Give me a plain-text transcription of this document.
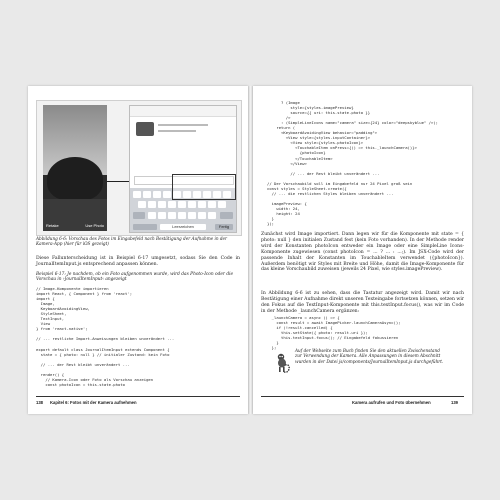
Retake	Use Photo	Leerzeichen	Fertig
Abbildung 6-6: Vorschau des Fotos im Eingabefeld nach Bestätigung der Aufnahme in der Kamera-App (hier für iOS gezeigt)
Diese Fallunterscheidung ist in Beispiel 6-17 umgesetzt, sodass Sie den Code in JournalItemInput.js entsprechend anpassen können.
Beispiel 6-17: Je nachdem, ob ein Foto aufgenommen wurde, wird das Photo-Icon oder die Vorschau in ›JournalItemInput‹ angezeigt
// Image-Komponente importieren
import React, { Component } from 'react';
import {
Image,
KeyboardAvoidingView,
StyleSheet,
TextInput,
View
} from 'react-native';

// ... restliche Import-Anweisungen bleiben unverändert ...

export default class JournalItemInput extends Component {
state = { photo: null } // initialer Zustand: kein Foto

// ... der Rest bleibt unverändert ...

render() {
// Kamera-Icon oder Foto als Vorschau anzeigen
const photoIcon = this.state.photo
138 Kapitel 6: Fotos mit der Kamera aufnehmen
? (Image
style={styles.imagePreview}
source={{ uri: this.state.photo }}
/>
: (SimpleLineIcons name="camera" size={24} color="deepskyblue" />);
return (
<KeyboardAvoidingView behavior="padding">
<View style={styles.inputContainer}>
<View style={styles.photoIcon}>
<TouchableItem onPress={() => this._launchCamera()}>
{photoIcon}
</TouchableItem>
</View>

// ... der Rest bleibt unverändert ...

// Der Vorschaubild soll im Eingabefeld nur 24 Pixel groß sein
const styles = StyleSheet.create({
// ... die restlichen Styles bleiben unverändert ...

imagePreview: {
width: 24,
height: 24
}
});
Zunächst wird Image importiert. Dann legen wir für die Komponente mit state = { photo: null } den initialen Zustand fest (kein Foto vorhanden). In der Methode render wird der Konstanten photoIcon entweder ein Image oder eine SimpleLine Icons-Komponente zugewiesen (const photoIcon = ... ? ... : ...;). Im JSX-Code wird der passende Inhalt der Konstanten im TouchableItem verwendet ({photoIcon}). Außerdem benötigt wir Styles mit Breite und Höhe, damit die Image-Komponente für das kleine Vorschaubild zuweisen (jeweils 24 Pixel, wie styles.imagePreview).
In Abbildung 6-6 ist zu sehen, dass die Tastatur angezeigt wird. Damit wir nach Bestätigung einer Aufnahme direkt unseren Texteingabe fortsetzen können, setzen wir den Fokus auf die TextInput-Komponente mit this.textInput.focus(), was wir im Code in der Methode _launchCamera ergänzen:
_launchCamera = async () => {
const result = await ImagePicker.launchCameraAsync();
if (!result.cancelled) {
this.setState({ photo: result.uri });
this.textInput.focus(); // Eingabefeld fokussieren
}
};
Auf der Webseite zum Buch finden Sie den aktuellen Zwischenstand zur Verwendung der Kamera. Alle Anpassungen in diesem Abschnitt wurden in der Datei js/components/JournalItemInput.js durchgeführt.
Kamera aufrufen und Foto übernehmen	139
